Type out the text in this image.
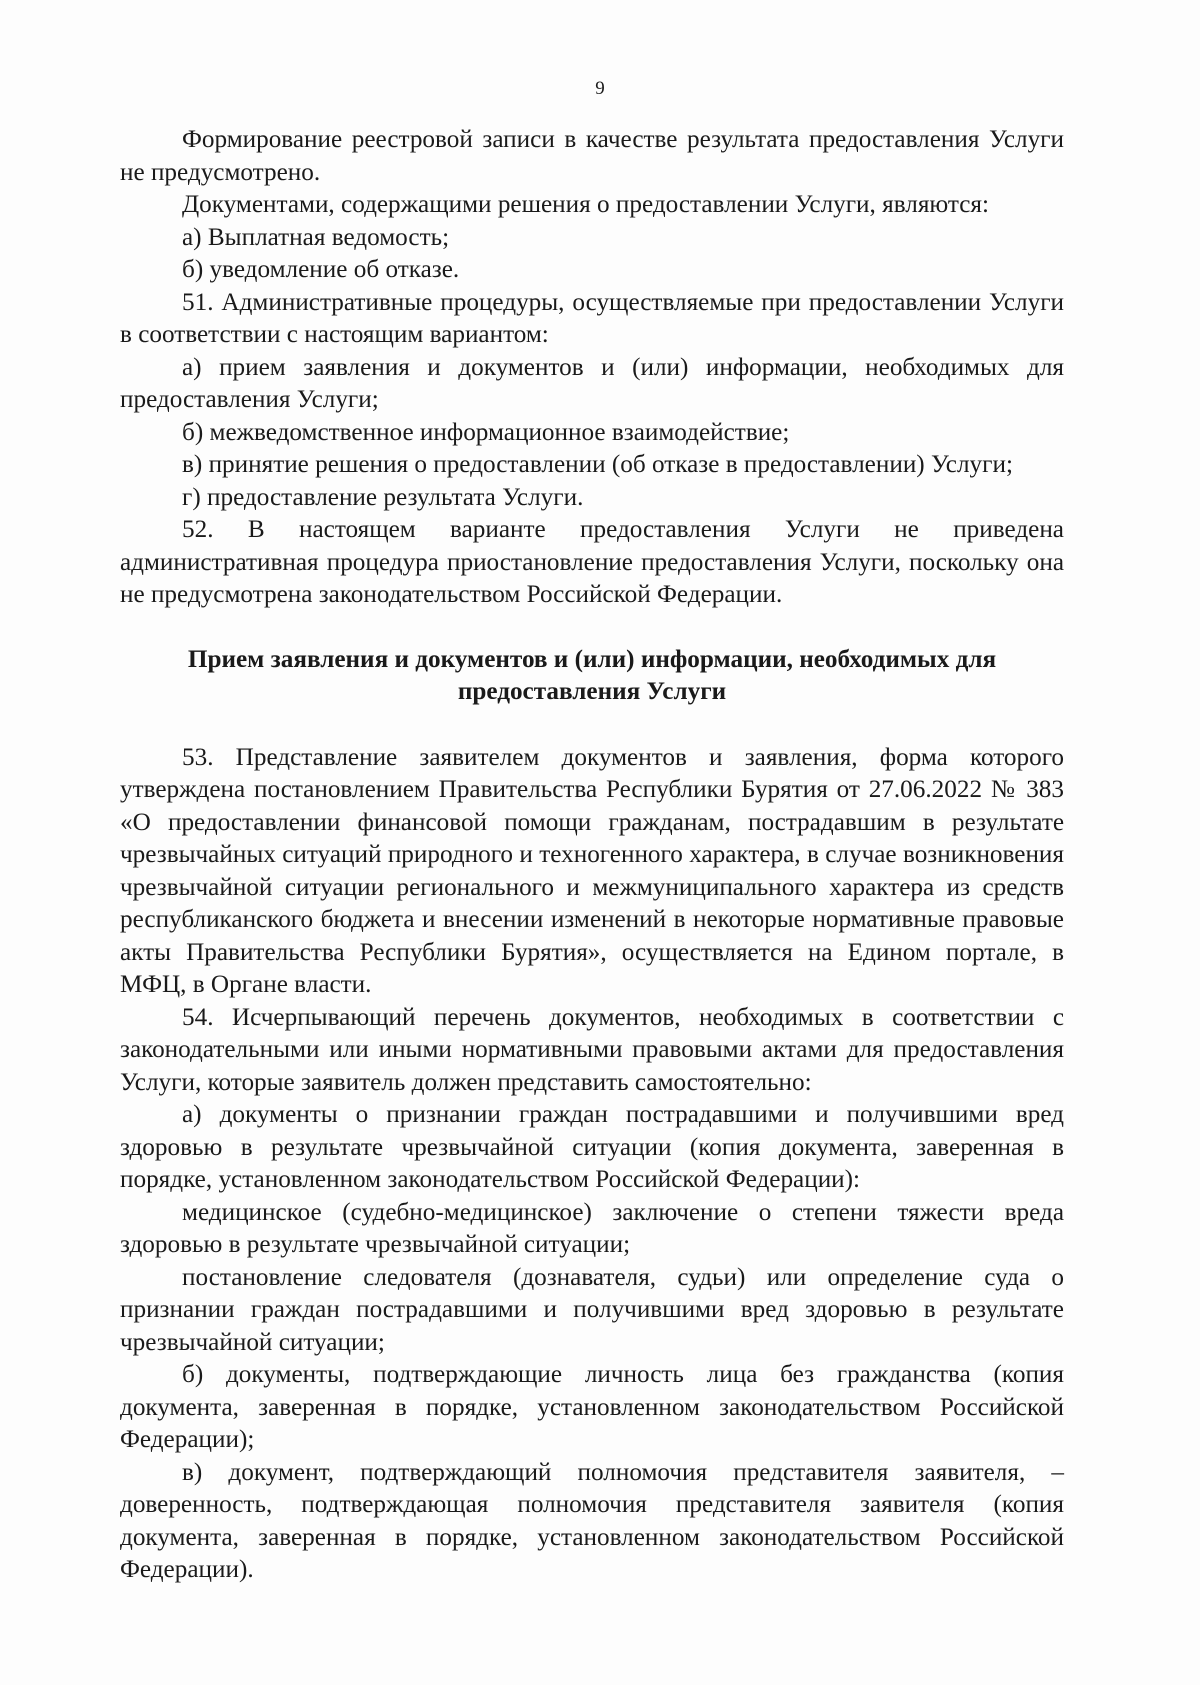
9

Формирование реестровой записи в качестве результата предоставления Услуги не предусмотрено.

Документами, содержащими решения о предоставлении Услуги, являются:

а) Выплатная ведомость;

б) уведомление об отказе.

51. Административные процедуры, осуществляемые при предоставлении Услуги в соответствии с настоящим вариантом:

а) прием заявления и документов и (или) информации, необходимых для предоставления Услуги;

б) межведомственное информационное взаимодействие;

в) принятие решения о предоставлении (об отказе в предоставлении) Услуги;

г) предоставление результата Услуги.

52. В настоящем варианте предоставления Услуги не приведена административная процедура приостановление предоставления Услуги, поскольку она не предусмотрена законодательством Российской Федерации.

Прием заявления и документов и (или) информации, необходимых для предоставления Услуги

53. Представление заявителем документов и заявления, форма которого утверждена постановлением Правительства Республики Бурятия от 27.06.2022 № 383 «О предоставлении финансовой помощи гражданам, пострадавшим в результате чрезвычайных ситуаций природного и техногенного характера, в случае возникновения чрезвычайной ситуации регионального и межмуниципального характера из средств республиканского бюджета и внесении изменений в некоторые нормативные правовые акты Правительства Республики Бурятия», осуществляется на Едином портале, в МФЦ, в Органе власти.

54. Исчерпывающий перечень документов, необходимых в соответствии с законодательными или иными нормативными правовыми актами для предоставления Услуги, которые заявитель должен представить самостоятельно:

а) документы о признании граждан пострадавшими и получившими вред здоровью в результате чрезвычайной ситуации (копия документа, заверенная в порядке, установленном законодательством Российской Федерации):

медицинское (судебно-медицинское) заключение о степени тяжести вреда здоровью в результате чрезвычайной ситуации;

постановление следователя (дознавателя, судьи) или определение суда о признании граждан пострадавшими и получившими вред здоровью в результате чрезвычайной ситуации;

б) документы, подтверждающие личность лица без гражданства (копия документа, заверенная в порядке, установленном законодательством Российской Федерации);

в) документ, подтверждающий полномочия представителя заявителя, – доверенность, подтверждающая полномочия представителя заявителя (копия документа, заверенная в порядке, установленном законодательством Российской Федерации).
